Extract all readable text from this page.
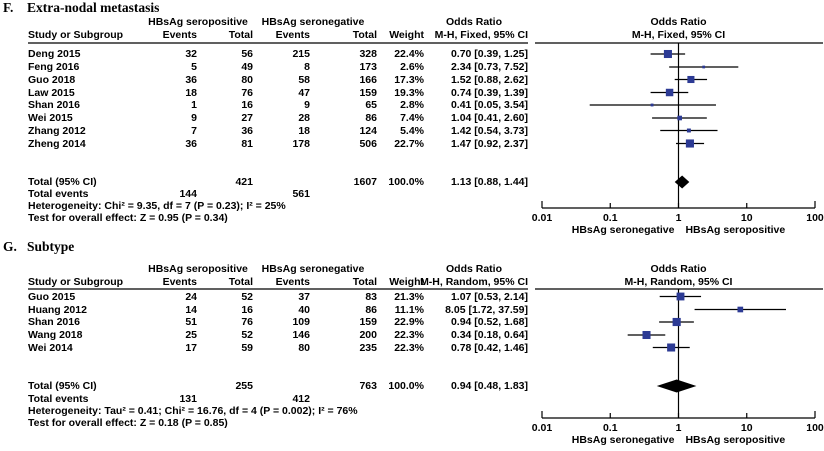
F.	Extra-nodal metastasis
HBsAg seropositive	HBsAg seronegative
Study or Subgroup	Events	Total	Events	Total	Weight
Odds Ratio
M-H, Fixed, 95% CI
Odds Ratio
M-H, Fixed, 95% CI
Deng 2015	32	56	215	328	22.4%	0.70 [0.39, 1.25]
Feng 2016	5	49	8	173	2.6%	2.34 [0.73, 7.52]
Guo 2018	36	80	58	166	17.3%	1.52 [0.88, 2.62]
Law 2015	18	76	47	159	19.3%	0.74 [0.39, 1.39]
Shan 2016	1	16	9	65	2.8%	0.41 [0.05, 3.54]
Wei 2015	9	27	28	86	7.4%	1.04 [0.41, 2.60]
Zhang 2012	7	36	18	124	5.4%	1.42 [0.54, 3.73]
Zheng 2014	36	81	178	506	22.7%	1.47 [0.92, 2.37]
Total (95% CI)	421	1607	100.0%	1.13 [0.88, 1.44]
Total events	144	561
Heterogeneity: Chi² = 9.35, df = 7 (P = 0.23); I² = 25%
Test for overall effect: Z = 0.95 (P = 0.34)	0.01	0.1	1	10	100
HBsAg seronegative HBsAg seropositive
G. Subtype
HBsAg seropositive	HBsAg seronegative
Study or Subgroup	Events	Total	Events	Total	Weight
Odds Ratio
M-H, Random, 95% CI
Odds Ratio
M-H, Random, 95% CI
Guo 2015	24	52	37	83	21.3%	1.07 [0.53, 2.14]
Huang 2012	14	16	40	86	11.1%	8.05 [1.72, 37.59]
Shan 2016	51	76	109	159	22.9%	0.94 [0.52, 1.68]
Wang 2018	25	52	146	200	22.3%	0.34 [0.18, 0.64]
Wei 2014	17	59	80	235	22.3%	0.78 [0.42, 1.46]
Total (95% CI)	255	763	100.0%	0.94 [0.48, 1.83]
Total events	131	412
Heterogeneity: Tau² = 0.41; Chi² = 16.76, df = 4 (P = 0.002); I² = 76%
Test for overall effect: Z = 0.18 (P = 0.85)	0.01	0.1	1	10	100
HBsAg seronegative HBsAg seropositive
